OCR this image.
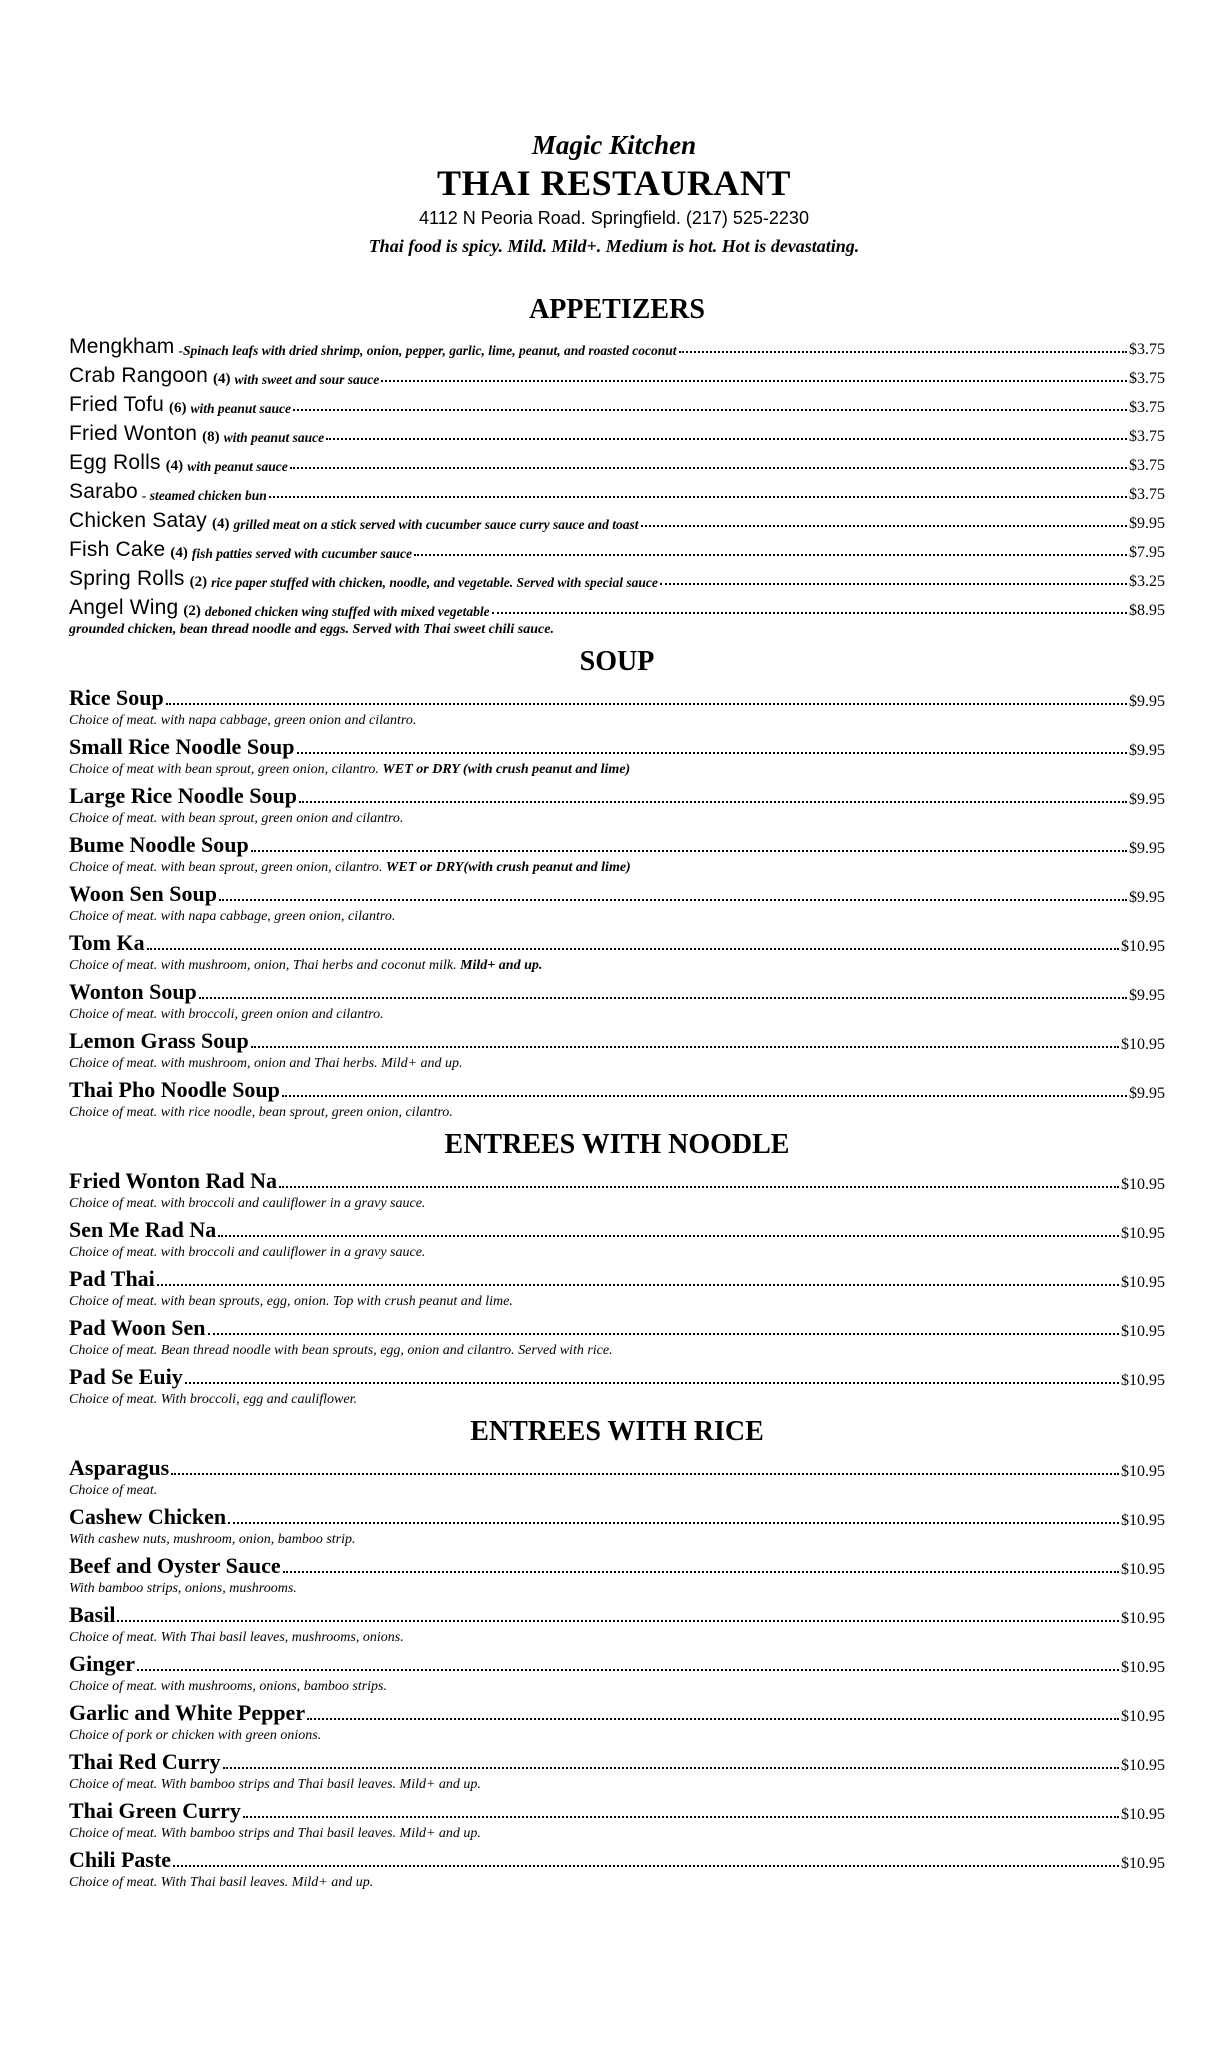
Magic Kitchen
THAI RESTAURANT
4112 N Peoria Road. Springfield. (217) 525-2230
Thai food is spicy. Mild. Mild+. Medium is hot. Hot is devastating.
APPETIZERS
Mengkham -Spinach leafs with dried shrimp, onion, pepper, garlic, lime, peanut, and roasted coconut	$3.75
Crab Rangoon (4) with sweet and sour sauce	$3.75
Fried Tofu (6) with peanut sauce	$3.75
Fried Wonton (8) with peanut sauce	$3.75
Egg Rolls (4) with peanut sauce	$3.75
Sarabo - steamed chicken bun	$3.75
Chicken Satay (4) grilled meat on a stick served with cucumber sauce curry sauce and toast	$9.95
Fish Cake (4) fish patties served with cucumber sauce	$7.95
Spring Rolls (2) rice paper stuffed with chicken, noodle, and vegetable. Served with special sauce	$3.25
Angel Wing (2) deboned chicken wing stuffed with mixed vegetable	$8.95
grounded chicken, bean thread noodle and eggs. Served with Thai sweet chili sauce.
SOUP
Rice Soup	$9.95
Choice of meat. with napa cabbage, green onion and cilantro.
Small Rice Noodle Soup	$9.95
Choice of meat with bean sprout, green onion, cilantro. WET or DRY (with crush peanut and lime)
Large Rice Noodle Soup	$9.95
Choice of meat. with bean sprout, green onion and cilantro.
Bume Noodle Soup	$9.95
Choice of meat. with bean sprout, green onion, cilantro. WET or DRY(with crush peanut and lime)
Woon Sen Soup	$9.95
Choice of meat. with napa cabbage, green onion, cilantro.
Tom Ka	$10.95
Choice of meat. with mushroom, onion, Thai herbs and coconut milk. Mild+ and up.
Wonton Soup	$9.95
Choice of meat. with broccoli, green onion and cilantro.
Lemon Grass Soup	$10.95
Choice of meat. with mushroom, onion and Thai herbs. Mild+ and up.
Thai Pho Noodle Soup	$9.95
Choice of meat. with rice noodle, bean sprout, green onion, cilantro.
ENTREES WITH NOODLE
Fried Wonton Rad Na	$10.95
Choice of meat. with broccoli and cauliflower in a gravy sauce.
Sen Me Rad Na	$10.95
Choice of meat. with broccoli and cauliflower in a gravy sauce.
Pad Thai	$10.95
Choice of meat. with bean sprouts, egg, onion. Top with crush peanut and lime.
Pad Woon Sen	$10.95
Choice of meat. Bean thread noodle with bean sprouts, egg, onion and cilantro. Served with rice.
Pad Se Euiy	$10.95
Choice of meat. With broccoli, egg and cauliflower.
ENTREES WITH RICE
Asparagus	$10.95
Choice of meat.
Cashew Chicken	$10.95
With cashew nuts, mushroom, onion, bamboo strip.
Beef and Oyster Sauce	$10.95
With bamboo strips, onions, mushrooms.
Basil	$10.95
Choice of meat. With Thai basil leaves, mushrooms, onions.
Ginger	$10.95
Choice of meat. with mushrooms, onions, bamboo strips.
Garlic and White Pepper	$10.95
Choice of pork or chicken with green onions.
Thai Red Curry	$10.95
Choice of meat. With bamboo strips and Thai basil leaves. Mild+ and up.
Thai Green Curry	$10.95
Choice of meat. With bamboo strips and Thai basil leaves. Mild+ and up.
Chili Paste	$10.95
Choice of meat. With Thai basil leaves. Mild+ and up.
